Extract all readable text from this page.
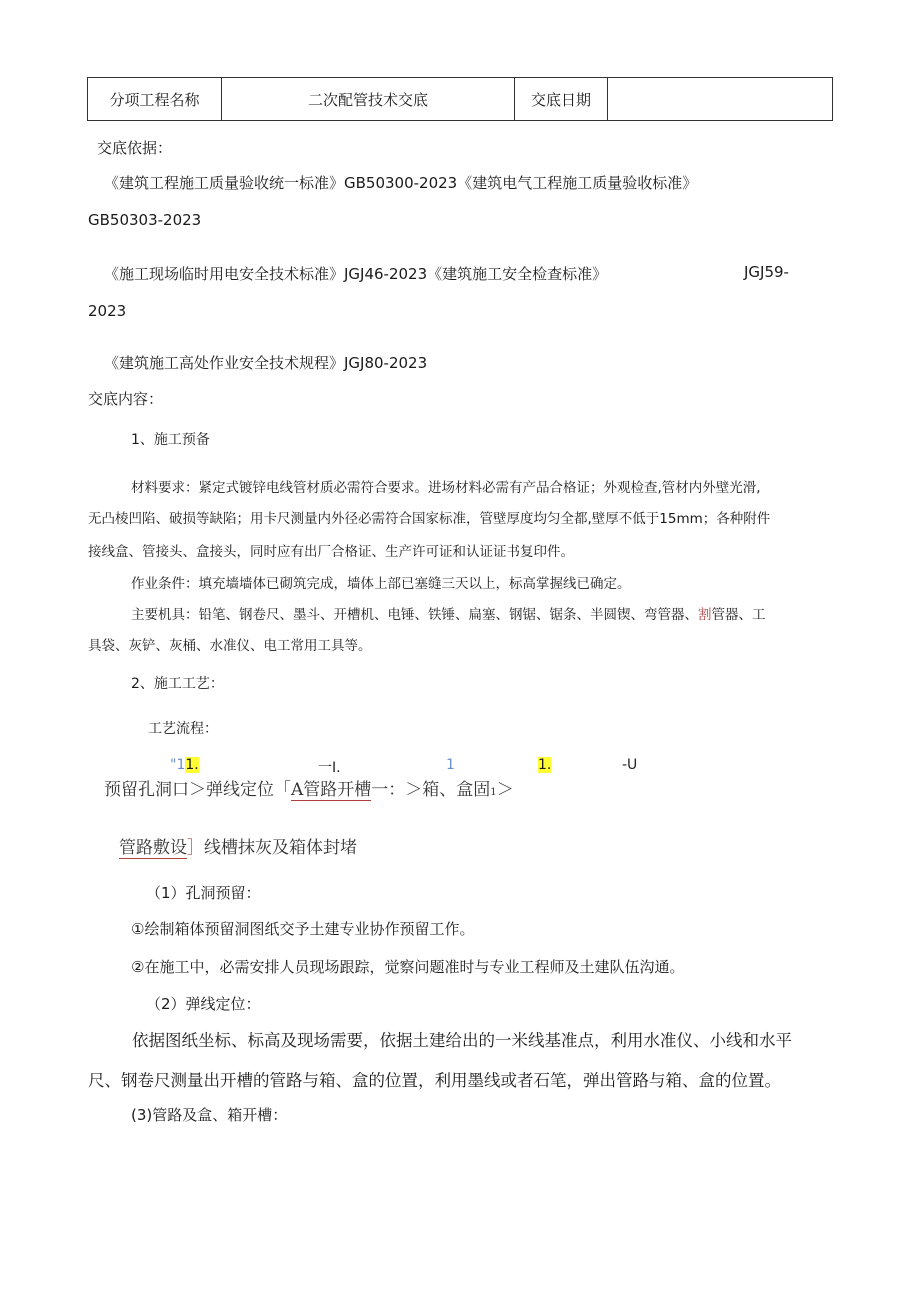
分项工程名称	二次配管技术交底	交底日期	
交底依据：
《建筑工程施工质量验收统一标准》GB50300-2023《建筑电气工程施工质量验收标准》
GB50303-2023
《施工现场临时用电安全技术标准》JGJ46-2023《建筑施工安全检查标准》	JGJ59-
2023
《建筑施工高处作业安全技术规程》JGJ80-2023
交底内容：
1、施工预备
材料要求：紧定式镀锌电线管材质必需符合要求。进场材料必需有产品合格证；外观检查,管材内外壁光滑,
无凸棱凹陷、破损等缺陷；用卡尺测量内外径必需符合国家标准，管壁厚度均匀全都,壁厚不低于15mm；各种附件
接线盒、管接头、盒接头，同时应有出厂合格证、生产许可证和认证证书复印件。
作业条件：填充墙墙体已砌筑完成，墙体上部已塞缝三天以上，标高掌握线已确定。
主要机具：铅笔、钢卷尺、墨斗、开槽机、电锤、铁锤、扁塞、钢锯、锯条、半圆锲、弯管器、割管器、工
具袋、灰铲、灰桶、水准仪、电工常用工具等。
2、施工工艺：
工艺流程：
"11.	一I.	1	1.	-U
预留孔洞口＞弹线定位「A管路开槽一：＞箱、盒固1＞
管路敷设］线槽抹灰及箱体封堵
（1）孔洞预留：
①绘制箱体预留洞图纸交予土建专业协作预留工作。
②在施工中，必需安排人员现场跟踪，觉察问题准时与专业工程师及土建队伍沟通。
（2）弹线定位：
依据图纸坐标、标高及现场需要，依据土建给出的一米线基准点，利用水准仪、小线和水平
尺、钢卷尺测量出开槽的管路与箱、盒的位置，利用墨线或者石笔，弹出管路与箱、盒的位置。
(3)管路及盒、箱开槽：
